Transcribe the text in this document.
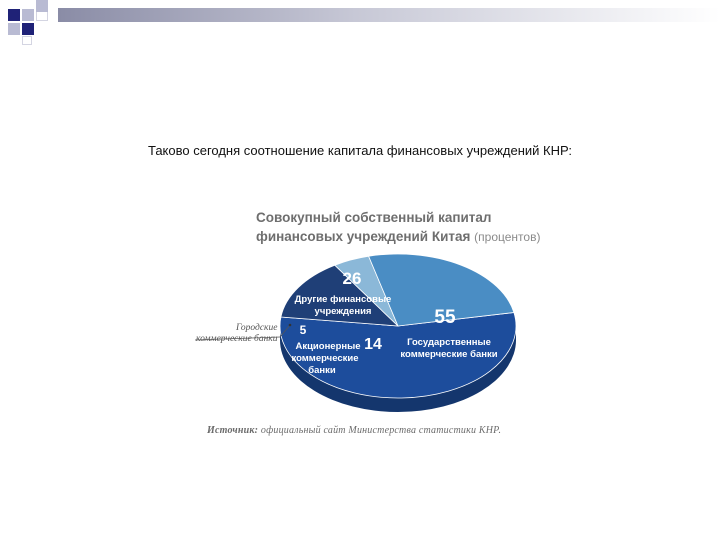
Таково сегодня соотношение капитала финансовых учреждений КНР:
Совокупный собственный капитал
финансовых учреждений Китая (процентов)
Городские
коммерческие банки
26
Другие финансовые
учреждения
5
14
Акционерные
коммерческие
банки
55
Государственные
коммерческие банки
Источник: официальный сайт Министерства статистики КНР.
